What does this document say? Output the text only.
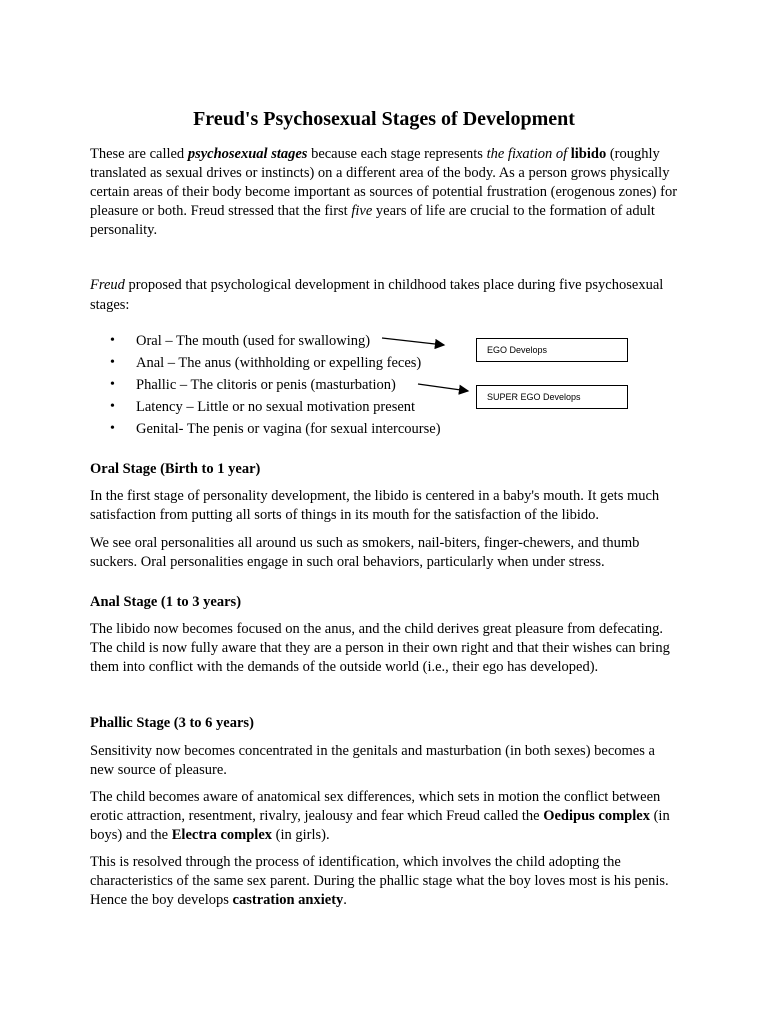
Freud's Psychosexual Stages of Development

These are called psychosexual stages because each stage represents the fixation of libido (roughly translated as sexual drives or instincts) on a different area of the body. As a person grows physically certain areas of their body become important as sources of potential frustration (erogenous zones) for pleasure or both. Freud stressed that the first five years of life are crucial to the formation of adult personality.

Freud proposed that psychological development in childhood takes place during five psychosexual stages:

• Oral – The mouth (used for swallowing)
• Anal – The anus (withholding or expelling feces)
• Phallic – The clitoris or penis (masturbation)
• Latency – Little or no sexual motivation present
• Genital- The penis or vagina (for sexual intercourse)
EGO Develops
SUPER EGO Develops

Oral Stage (Birth to 1 year)

In the first stage of personality development, the libido is centered in a baby's mouth. It gets much satisfaction from putting all sorts of things in its mouth for the satisfaction of the libido.

We see oral personalities all around us such as smokers, nail-biters, finger-chewers, and thumb suckers. Oral personalities engage in such oral behaviors, particularly when under stress.

Anal Stage (1 to 3 years)

The libido now becomes focused on the anus, and the child derives great pleasure from defecating. The child is now fully aware that they are a person in their own right and that their wishes can bring them into conflict with the demands of the outside world (i.e., their ego has developed).

Phallic Stage (3 to 6 years)

Sensitivity now becomes concentrated in the genitals and masturbation (in both sexes) becomes a new source of pleasure.

The child becomes aware of anatomical sex differences, which sets in motion the conflict between erotic attraction, resentment, rivalry, jealousy and fear which Freud called the Oedipus complex (in boys) and the Electra complex (in girls).

This is resolved through the process of identification, which involves the child adopting the characteristics of the same sex parent. During the phallic stage what the boy loves most is his penis. Hence the boy develops castration anxiety.
